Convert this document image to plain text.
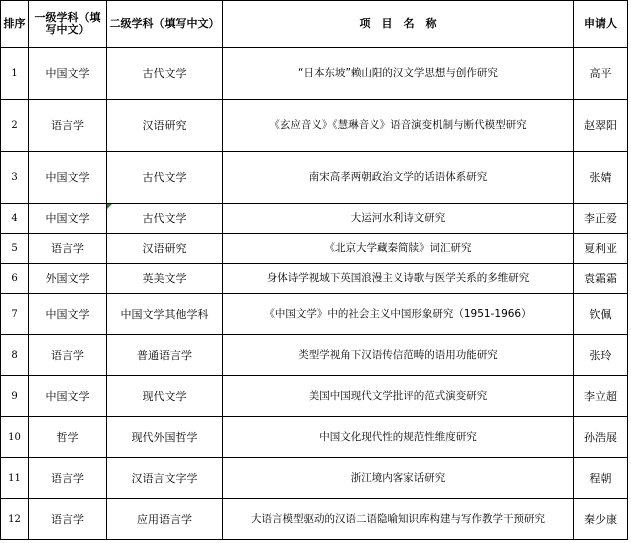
排序	一级学科（填写中文）	二级学科（填写中文）	项　目　名　称	申请人
1	中国文学	古代文学	“日本东坡”赖山阳的汉文学思想与创作研究	高平
2	语言学	汉语研究	《玄应音义》《慧琳音义》语音演变机制与断代模型研究	赵翠阳
3	中国文学	古代文学	南宋高孝两朝政治文学的话语体系研究	张婧
4	中国文学	古代文学	大运河水利诗文研究	李正爱
5	语言学	汉语研究	《北京大学藏秦简牍》词汇研究	夏利亚
6	外国文学	英美文学	身体诗学视域下英国浪漫主义诗歌与医学关系的多维研究	袁霜霜
7	中国文学	中国文学其他学科	《中国文学》中的社会主义中国形象研究（1951-1966）	钦佩
8	语言学	普通语言学	类型学视角下汉语传信范畴的语用功能研究	张玲
9	中国文学	现代文学	美国中国现代文学批评的范式演变研究	李立超
10	哲学	现代外国哲学	中国文化现代性的规范性维度研究	孙浩展
11	语言学	汉语言文字学	浙江境内客家话研究	程朝
12	语言学	应用语言学	大语言模型驱动的汉语二语隐喻知识库构建与写作教学干预研究	秦少康
